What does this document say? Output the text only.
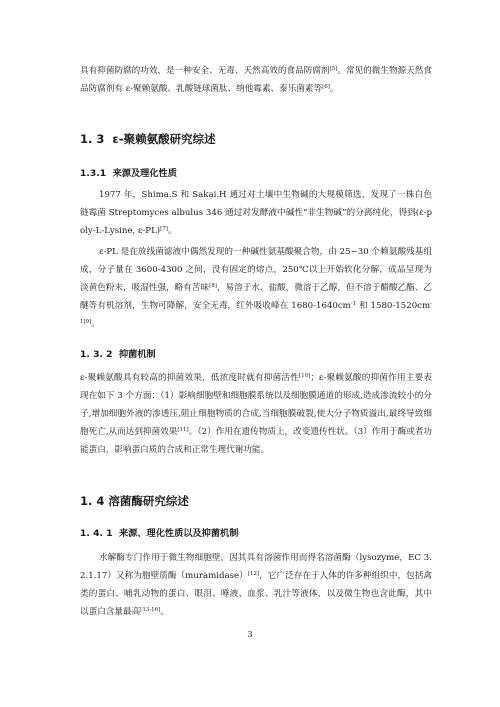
具有抑菌防腐的功效，是一种安全、无毒、天然高效的食品防腐剂[5]。常见的微生物源天然食品防腐剂有 ε-聚赖氨酸、乳酸链球菌肽、纳他霉素、泰乐菌素等[6]。

1. 3 ε-聚赖氨酸研究综述
1.3.1 来源及理化性质

1977 年，Shima.S 和 Sakai.H 通过对土壤中生物碱的大规模筛选，发现了一株白色链霉菌 Streptomyces albulus 346 通过对发酵液中碱性“非生物碱”的分离纯化，得到(ε-poly-L-Lysine, ε-PL)[7]。

ε-PL 是在放线菌滤液中偶然发现的一种碱性氨基酸聚合物，由 25~30 个赖氨酸残基组成，分子量在 3600-4300 之间，没有固定的熔点，250℃以上开始软化分解，成品呈现为淡黄色粉末，吸湿性强，略有苦味[8]，易溶于水、盐酸，微溶于乙醇，但不溶于醋酸乙酯、乙醚等有机溶剂，生物可降解，安全无毒，红外吸收峰在 $1680-1640cm^{-1}$ 和 $1580-1520cm^{-1[9]}$。

1. 3. 2 抑菌机制

ε-聚赖氨酸具有较高的抑菌效果，低浓度时就有抑菌活性[10]；ε-聚赖氨酸的抑菌作用主要表现在如下 3 个方面：（1）影响细胞壁和细胞膜系统以及细胞膜通道的形成,造成渗流较小的分子,增加细胞外液的渗透压,阻止细胞物质的合成,当细胞膜破裂,使大分子物质溢出,最终导致细胞死亡,从而达到抑菌效果[11]。（2）作用在遗传物质上，改变遗传性状。（3）作用于酶或者功能蛋白，影响蛋白质的合成和正常生理代谢功能。

1. 4 溶菌酶研究综述
1. 4. 1 来源、理化性质以及抑菌机制

水解酶专门作用于微生物细胞壁，因其具有溶菌作用而得名溶菌酶（lysozyme，EC 3.2.1.17）又称为胞壁质酶（muramidase）[12]，它广泛存在于人体的许多种组织中，包括禽类的蛋白、哺乳动物的蛋白、眼泪、唾液、血浆、乳汁等液体，以及微生物也含此酶，其中以蛋白含量最高[13-16]。

3
